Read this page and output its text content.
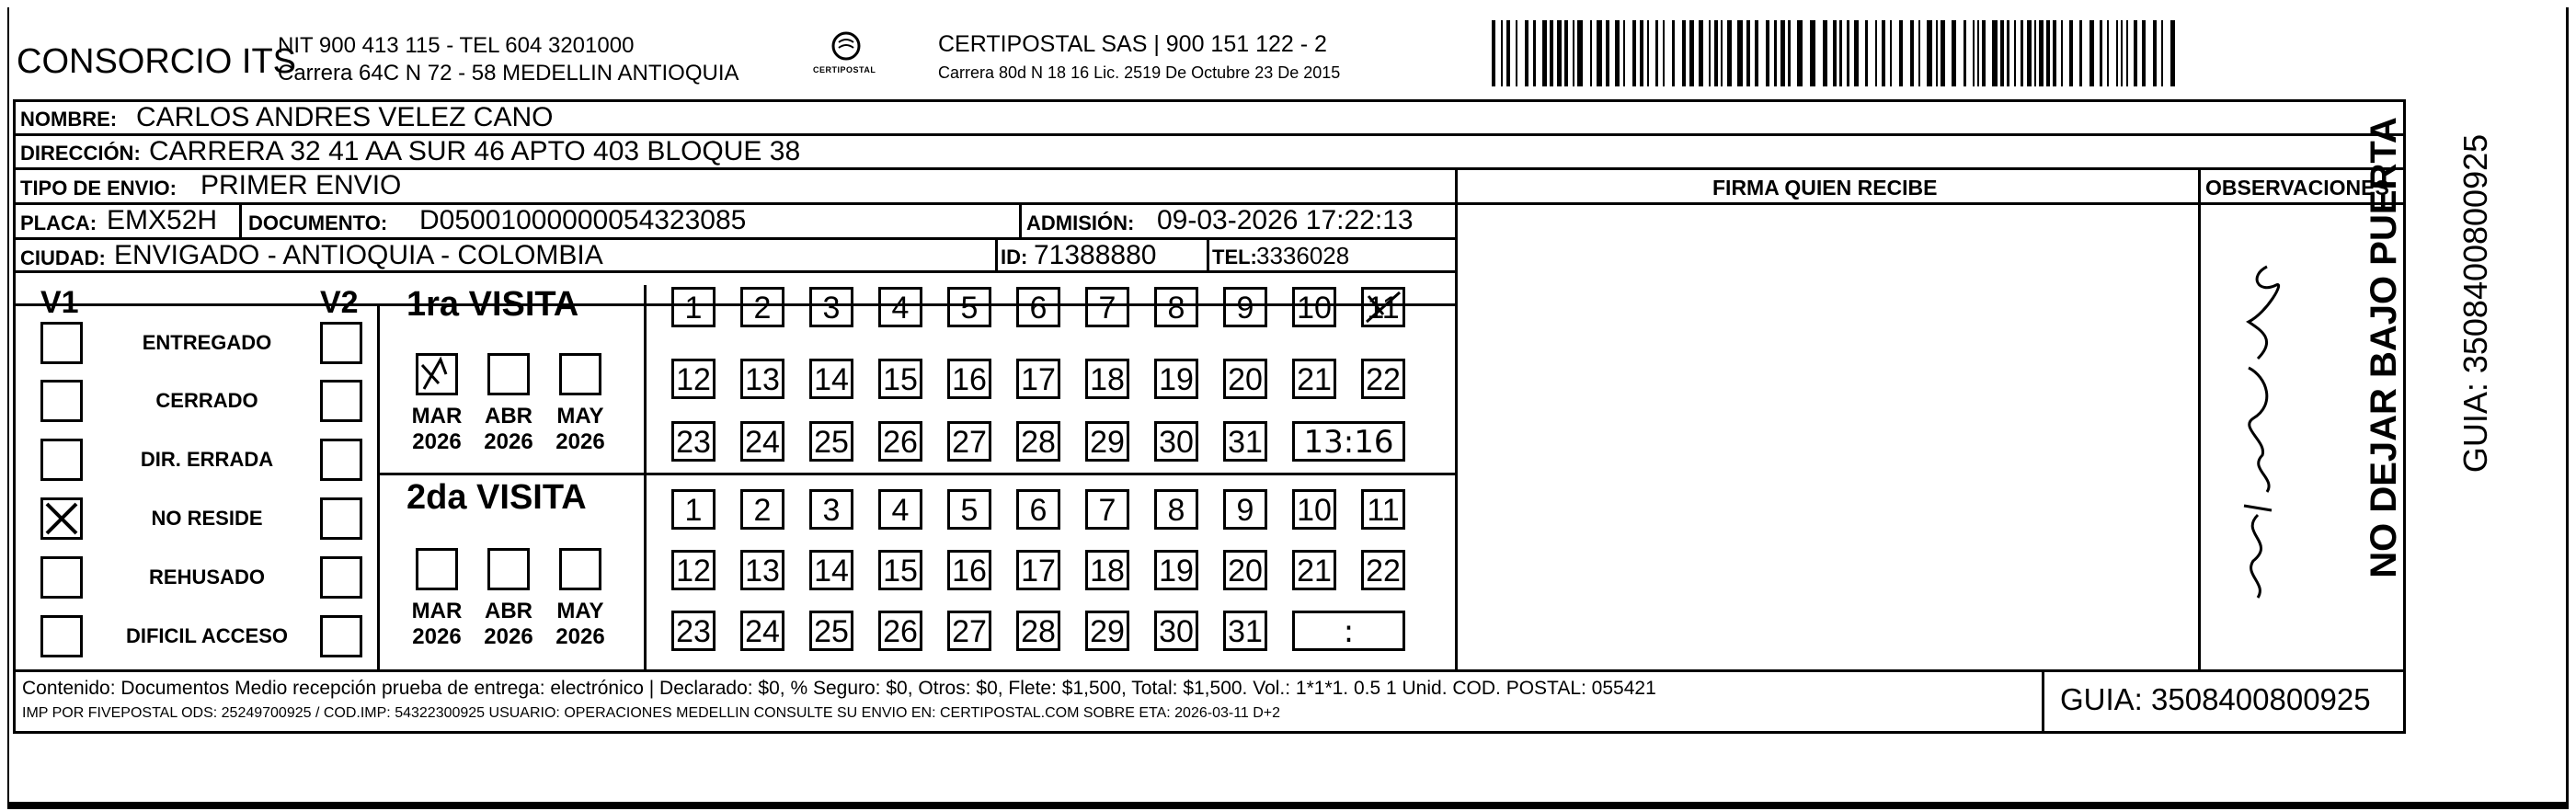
CONSORCIO ITS
NIT 900 413 115 - TEL 604 3201000
Carrera 64C N 72 - 58 MEDELLIN ANTIOQUIA	CERTIPOSTAL
CERTIPOSTAL SAS | 900 151 122 - 2
Carrera 80d N 18 16 Lic. 2519 De Octubre 23 De 2015
NOMBRE: CARLOS ANDRES VELEZ CANO
DIRECCIÓN: CARRERA 32 41 AA SUR 46 APTO 403 BLOQUE 38
TIPO DE ENVIO: PRIMER ENVIO	FIRMA QUIEN RECIBE	OBSERVACIONES
PLACA: EMX52H DOCUMENTO: D05001000000054323085	ADMISIÓN: 09-03-2026 17:22:13
CIUDAD: ENVIGADO - ANTIOQUIA - COLOMBIA	ID: 71388880	TEL: 3336028
V1	V2
ENTREGADO
CERRADO
DIR. ERRADA
NO RESIDE
REHUSADO
DIFICIL ACCESO
1ra VISITA
2da VISITA
1	2	3	4	5	6	7	8	9	10 11
12 13 14 15 16 17 18 19 20 21 22
23 24 25 26 27 28 29 30 31	13:16
MAR
2026
ABR
2026
MAY
2026
1	2	3	4	5	6	7	8	9	10 11
12 13 14 15 16 17 18 19 20 21 22
23 24 25 26 27 28 29 30 31	:
MAR
2026
ABR
2026
MAY
2026
Contenido: Documentos Medio recepción prueba de entrega: electrónico | Declarado: $0, % Seguro: $0, Otros: $0, Flete: $1,500, Total: $1,500. Vol.: 1*1*1. 0.5 1 Unid. COD. POSTAL: 055421
IMP POR FIVEPOSTAL ODS: 25249700925 / COD.IMP: 54322300925 USUARIO: OPERACIONES MEDELLIN CONSULTE SU ENVIO EN: CERTIPOSTAL.COM SOBRE ETA: 2026-03-11 D+2	GUIA: 3508400800925
NO DEJAR BAJO PUERTA GUIA: 3508400800925
